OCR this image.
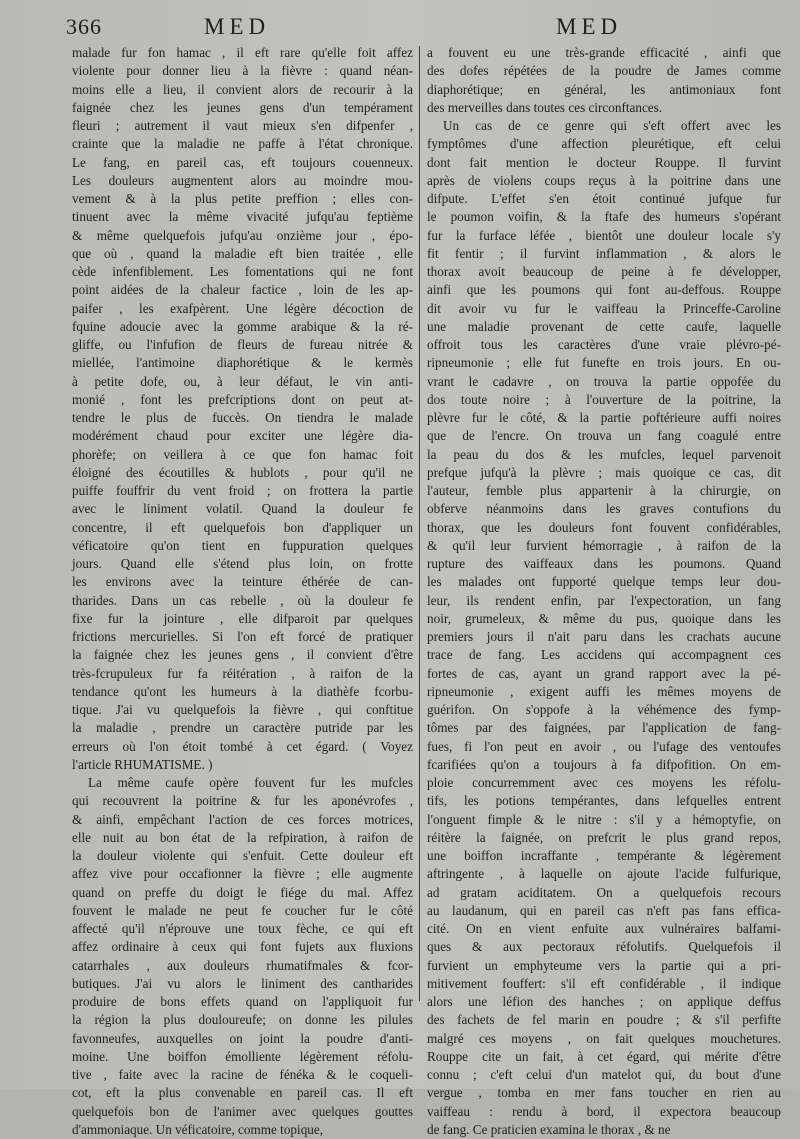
366	MED	MED
malade fur fon hamac , il eft rare qu'elle foit affez
violente pour donner lieu à la fièvre : quand néan-
moins elle a lieu, il convient alors de recourir à la
faignée chez les jeunes gens d'un tempérament
fleuri ; autrement il vaut mieux s'en difpenfer ,
crainte que la maladie ne paffe à l'état chronique.
Le fang, en pareil cas, eft toujours couenneux.
Les douleurs augmentent alors au moindre mou-
vement & à la plus petite preffion ; elles con-
tinuent avec la même vivacité jufqu'au feptième
& même quelquefois jufqu'au onzième jour , épo-
que où , quand la maladie eft bien traitée , elle
cède infenfiblement. Les fomentations qui ne font
point aidées de la chaleur factice , loin de les ap-
paifer , les exafpèrent. Une légère décoction de
fquine adoucie avec la gomme arabique & la ré-
gliffe, ou l'infufion de fleurs de fureau nitrée &
miellée, l'antimoine diaphorétique & le kermès
à petite dofe, ou, à leur défaut, le vin anti-
monié , font les prefcriptions dont on peut at-
tendre le plus de fuccès. On tiendra le malade
modérément chaud pour exciter une légère dia-
phorèfe; on veillera à ce que fon hamac foit
éloigné des écoutilles & hublots , pour qu'il ne
puiffe fouffrir du vent froid ; on frottera la partie
avec le liniment volatil. Quand la douleur fe
concentre, il eft quelquefois bon d'appliquer un
véficatoire qu'on tient en fuppuration quelques
jours. Quand elle s'étend plus loin, on frotte
les environs avec la teinture éthérée de can-
tharides. Dans un cas rebelle , où la douleur fe
fixe fur la jointure , elle difparoit par quelques
frictions mercurielles. Si l'on eft forcé de pratiquer
la faignée chez les jeunes gens , il convient d'être
très-fcrupuleux fur fa réitération , à raifon de la
tendance qu'ont les humeurs à la diathèfe fcorbu-
tique. J'ai vu quelquefois la fièvre , qui conftitue
la maladie , prendre un caractère putride par les
erreurs où l'on étoit tombé à cet égard. ( Voyez
l'article RHUMATISME. )
La même caufe opère fouvent fur les mufcles
qui recouvrent la poitrine & fur les aponévrofes ,
& ainfi, empêchant l'action de ces forces motrices,
elle nuit au bon état de la refpiration, à raifon de
la douleur violente qui s'enfuit. Cette douleur eft
affez vive pour occafionner la fièvre ; elle augmente
quand on preffe du doigt le fiége du mal. Affez
fouvent le malade ne peut fe coucher fur le côté
affecté qu'il n'éprouve une toux fèche, ce qui eft
affez ordinaire à ceux qui font fujets aux fluxions
catarrhales , aux douleurs rhumatifmales & fcor-
butiques. J'ai vu alors le liniment des cantharides
produire de bons effets quand on l'appliquoit fur
la région la plus douloureufe; on donne les pilules
favonneufes, auxquelles on joint la poudre d'anti-
moine. Une boiffon émolliente légèrement réfolu-
tive , faite avec la racine de fénéka & le coqueli-
cot, eft la plus convenable en pareil cas. Il eft
quelquefois bon de l'animer avec quelques gouttes
d'ammoniaque. Un véficatoire, comme topique,
a fouvent eu une très-grande efficacité , ainfi que
des dofes répétées de la poudre de James comme
diaphorétique; en général, les antimoniaux font
des merveilles dans toutes ces circonftances.
Un cas de ce genre qui s'eft offert avec les
fymptômes d'une affection pleurétique, eft celui
dont fait mention le docteur Rouppe. Il furvint
après de violens coups reçus à la poitrine dans une
difpute. L'effet s'en étoit continué jufque fur
le poumon voifin, & la ftafe des humeurs s'opérant
fur la furface léfée , bientôt une douleur locale s'y
fit fentir ; il furvint inflammation , & alors le
thorax avoit beaucoup de peine à fe développer,
ainfi que les poumons qui font au-deffous. Rouppe
dit avoir vu fur le vaiffeau la Princeffe-Caroline
une maladie provenant de cette caufe, laquelle
offroit tous les caractères d'une vraie plévro-pé-
ripneumonie ; elle fut funefte en trois jours. En ou-
vrant le cadavre , on trouva la partie oppofée du
dos toute noire ; à l'ouverture de la poitrine, la
plèvre fur le côté, & la partie poftérieure auffi noires
que de l'encre. On trouva un fang coagulé entre
la peau du dos & les mufcles, lequel parvenoit
prefque jufqu'à la plèvre ; mais quoique ce cas, dit
l'auteur, femble plus appartenir à la chirurgie, on
obferve néanmoins dans les graves contufions du
thorax, que les douleurs font fouvent confidérables,
& qu'il leur furvient hémorragie , à raifon de la
rupture des vaiffeaux dans les poumons. Quand
les malades ont fupporté quelque temps leur dou-
leur, ils rendent enfin, par l'expectoration, un fang
noir, grumeleux, & même du pus, quoique dans les
premiers jours il n'ait paru dans les crachats aucune
trace de fang. Les accidens qui accompagnent ces
fortes de cas, ayant un grand rapport avec la pé-
ripneumonie , exigent auffi les mêmes moyens de
guérifon. On s'oppofe à la véhémence des fymp-
tômes par des faignées, par l'application de fang-
fues, fi l'on peut en avoir , ou l'ufage des ventoufes
fcarifiées qu'on a toujours à fa difpofition. On em-
ploie concurremment avec ces moyens les réfolu-
tifs, les potions tempérantes, dans lefquelles entrent
l'onguent fimple & le nitre : s'il y a hémoptyfie, on
réitère la faignée, on prefcrit le plus grand repos,
une boiffon incraffante , tempérante & légèrement
aftringente , à laquelle on ajoute l'acide fulfurique,
ad gratam aciditatem. On a quelquefois recours
au laudanum, qui en pareil cas n'eft pas fans effica-
cité. On en vient enfuite aux vulnéraires balfami-
ques & aux pectoraux réfolutifs. Quelquefois il
furvient un emphyteume vers la partie qui a pri-
mitivement fouffert: s'il eft confidérable , il indique
alors une léfion des hanches ; on applique deffus
des fachets de fel marin en poudre ; & s'il perfifte
malgré ces moyens , on fait quelques mouchetures.
Rouppe cite un fait, à cet égard, qui mérite d'être
connu ; c'eft celui d'un matelot qui, du bout d'une
vergue , tomba en mer fans toucher en rien au
vaiffeau : rendu à bord, il expectora beaucoup
de fang. Ce praticien examina le thorax , & ne
